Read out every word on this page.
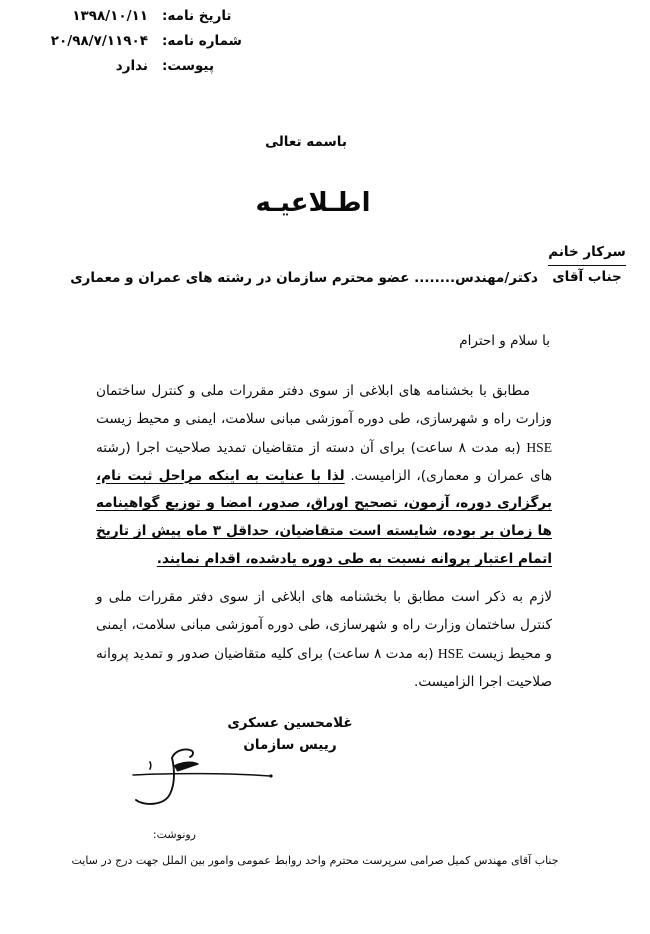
تاریخ نامه:
۱۳۹۸/۱۰/۱۱
شماره نامه:
۲۰/۹۸/۷/۱۱۹۰۴
پیوست:
ندارد
باسمه تعالی
اطـلاعیـه
سرکار خانم
جناب آقای
دکتر/مهندس........ عضو محترم سازمان در رشته های عمران و معماری
با سلام و احترام

مطابق با بخشنامه های ابلاغی از سوی دفتر مقررات ملی و کنترل ساختمان وزارت راه و شهرسازی، طی دوره آموزشی مبانی سلامت، ایمنی و محیط زیست HSE (به مدت ۸ ساعت) برای آن دسته از متقاضیان تمدید صلاحیت اجرا (رشته های عمران و معماری)، الزامیست. لذا با عنایت به اینکه مراحل ثبت نام، برگزاری دوره، آزمون، تصحیح اوراق، صدور، امضا و توزیع گواهینامه ها زمان بر بوده، شایسته است متقاضیان، حداقل ۳ ماه پیش از تاریخ اتمام اعتبار پروانه نسبت به طی دوره یادشده، اقدام نمایند.

لازم به ذکر است مطابق با بخشنامه های ابلاغی از سوی دفتر مقررات ملی و کنترل ساختمان وزارت راه و شهرسازی، طی دوره آموزشی مبانی سلامت، ایمنی و محیط زیست HSE (به مدت ۸ ساعت) برای کلیه متقاضیان صدور و تمدید پروانه صلاحیت اجرا الزامیست.

غلامحسین عسکری
رییس سازمان
رونوشت:
جناب آقای مهندس کمیل صرامی سرپرست محترم واحد روابط عمومی وامور بین الملل جهت درج در سایت
